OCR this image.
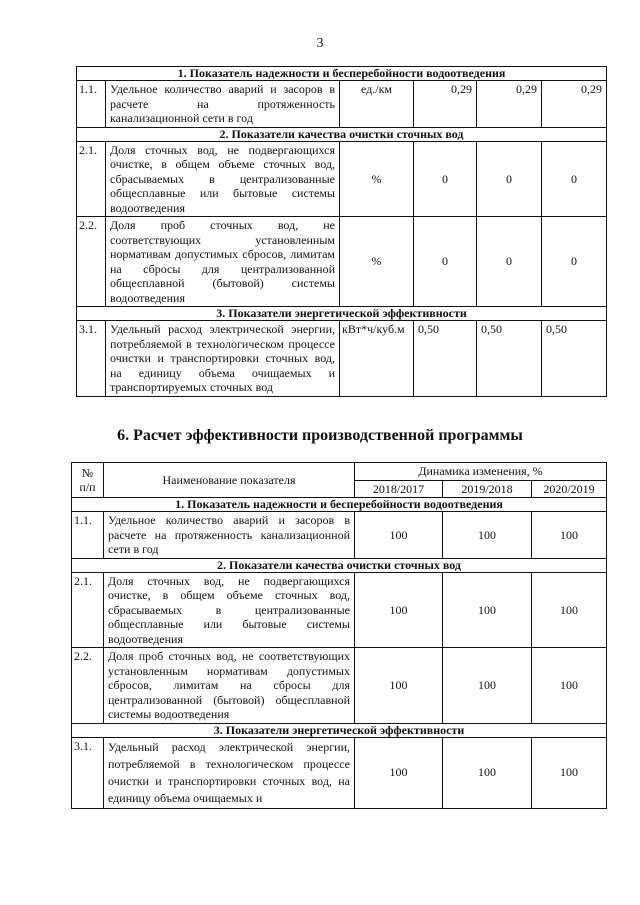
3
1. Показатель надежности и бесперебойности водоотведения					
1.1.	Удельное количество аварий и засоров в расчете на протяженность канализационной сети в год	ед./км	0,29	0,29	0,29
2. Показатели качества очистки сточных вод					
2.1.	Доля сточных вод, не подвергающихся очистке, в общем объеме сточных вод, сбрасываемых в централизованные общесплавные или бытовые системы водоотведения	%	0	0	0
2.2.	Доля проб сточных вод, не соответствующих установленным нормативам допустимых сбросов, лимитам на сбросы для централизованной общесплавной (бытовой) системы водоотведения	%	0	0	0
3. Показатели энергетической эффективности					
3.1.	Удельный расход электрической энергии, потребляемой в технологическом процессе очистки и транспортировки сточных вод, на единицу объема очищаемых и транспортируемых сточных вод	кВт*ч/куб.м	0,50	0,50	0,50
6. Расчет эффективности производственной программы
№ п/п	Наименование показателя	Динамика изменения, %		
		2018/2017	2019/2018	2020/2019
1. Показатель надежности и бесперебойности водоотведения				
1.1.	Удельное количество аварий и засоров в расчете на протяженность канализационной сети в год	100	100	100
2. Показатели качества очистки сточных вод				
2.1.	Доля сточных вод, не подвергающихся очистке, в общем объеме сточных вод, сбрасываемых в централизованные общесплавные или бытовые системы водоотведения	100	100	100
2.2.	Доля проб сточных вод, не соответствующих установленным нормативам допустимых сбросов, лимитам на сбросы для централизованной (бытовой) общесплавной системы водоотведения	100	100	100
3. Показатели энергетической эффективности				
3.1.	Удельный расход электрической энергии, потребляемой в технологическом процессе очистки и транспортировки сточных вод, на единицу объема очищаемых и	100	100	100
